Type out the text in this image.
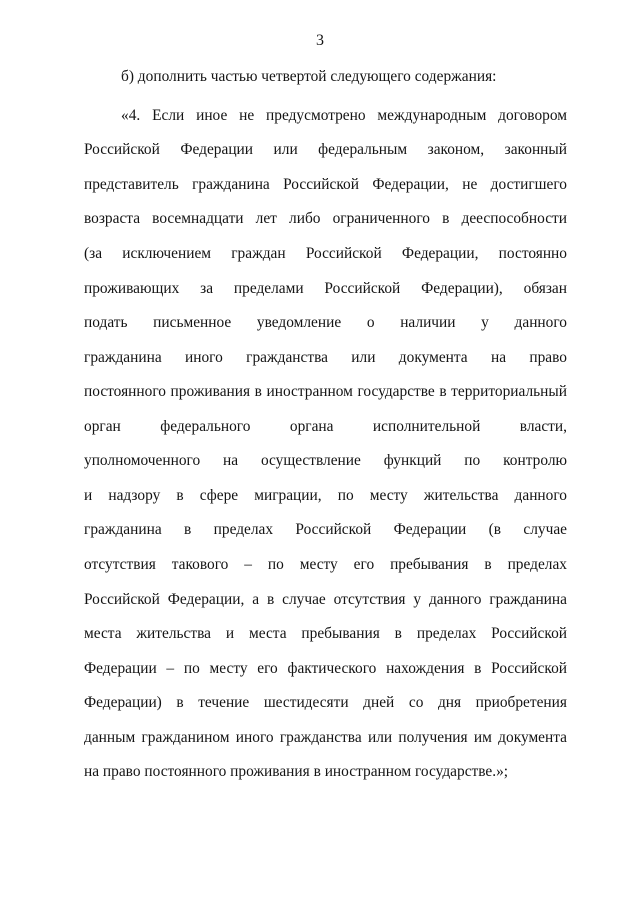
3
б) дополнить частью четвертой следующего содержания:
«4. Если иное не предусмотрено международным договором
Российской Федерации или федеральным законом, законный
представитель гражданина Российской Федерации, не достигшего
возраста восемнадцати лет либо ограниченного в дееспособности
(за исключением граждан Российской Федерации, постоянно
проживающих за пределами Российской Федерации), обязан
подать письменное уведомление о наличии у данного
гражданина иного гражданства или документа на право
постоянного проживания в иностранном государстве в территориальный
орган федерального органа исполнительной власти,
уполномоченного на осуществление функций по контролю
и надзору в сфере миграции, по месту жительства данного
гражданина в пределах Российской Федерации (в случае
отсутствия такового – по месту его пребывания в пределах
Российской Федерации, а в случае отсутствия у данного гражданина
места жительства и места пребывания в пределах Российской
Федерации – по месту его фактического нахождения в Российской
Федерации) в течение шестидесяти дней со дня приобретения
данным гражданином иного гражданства или получения им документа
на право постоянного проживания в иностранном государстве.»;
